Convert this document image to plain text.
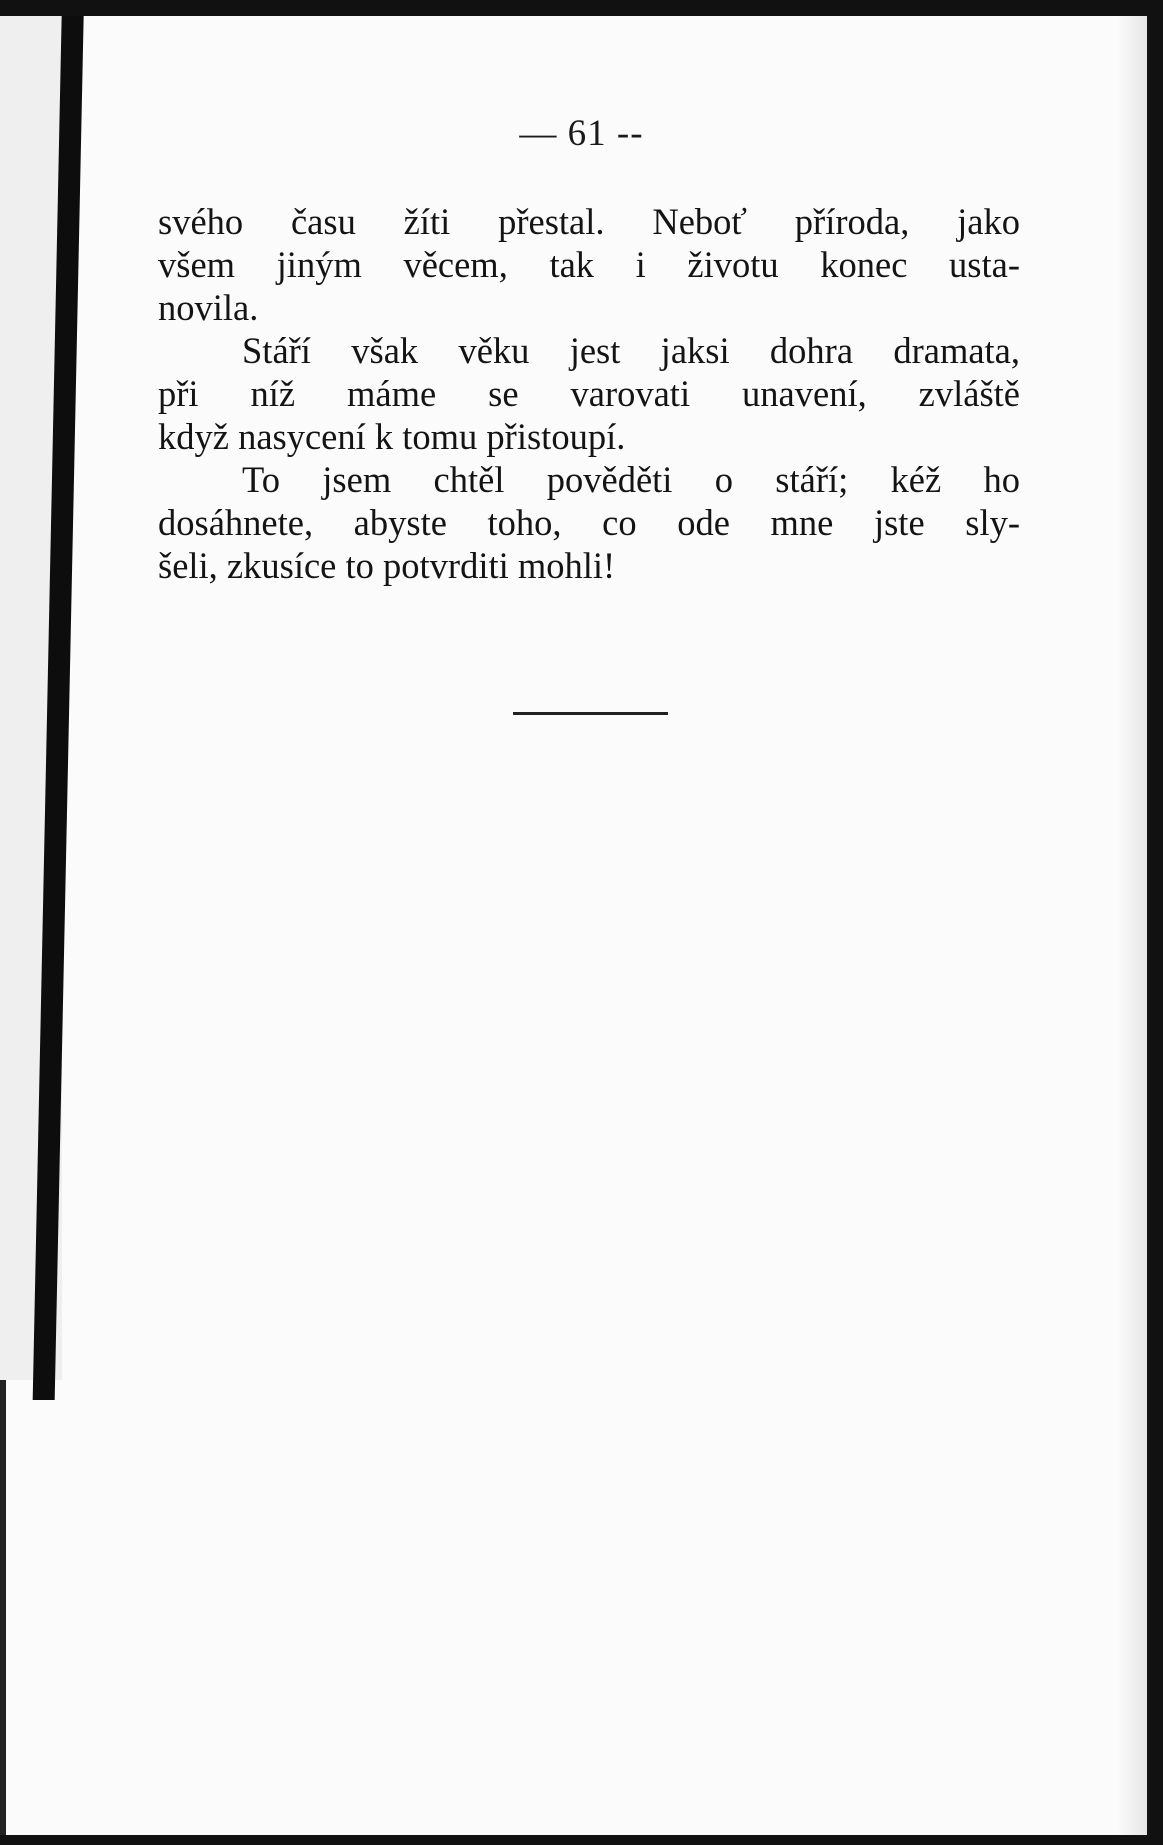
— 61 --
svého času žíti přestal. Neboť příroda, jako
všem jiným věcem, tak i životu konec usta-
novila.
Stáří však věku jest jaksi dohra dramata,
při níž máme se varovati unavení, zvláště
když nasycení k tomu přistoupí.
To jsem chtěl pověděti o stáří; kéž ho
dosáhnete, abyste toho, co ode mne jste sly-
šeli, zkusíce to potvrditi mohli!
